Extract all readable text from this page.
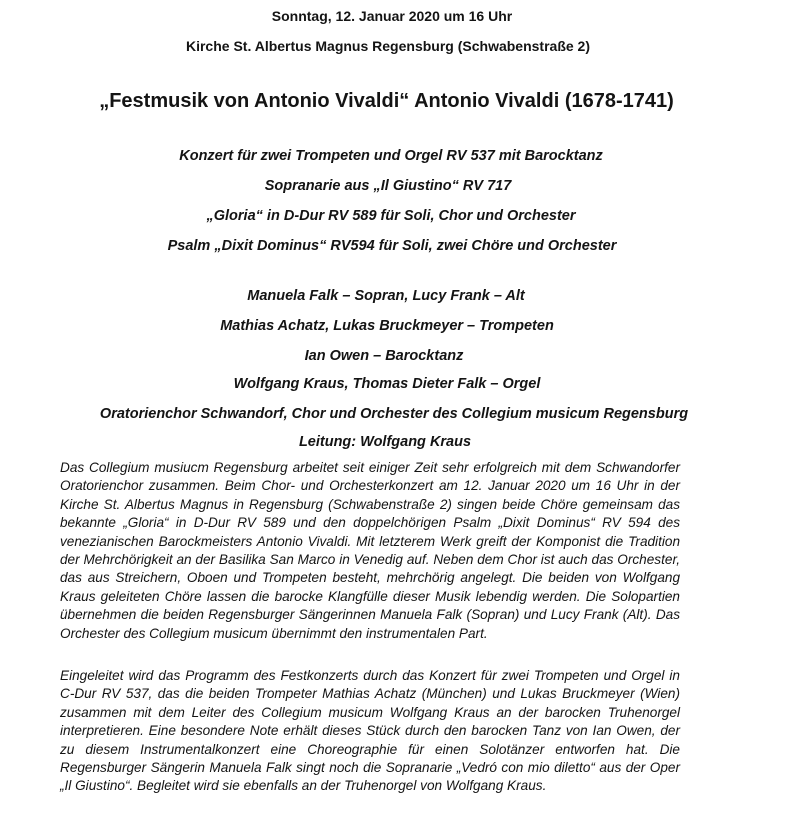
Sonntag, 12. Januar 2020 um 16 Uhr
Kirche St. Albertus Magnus Regensburg (Schwabenstraße 2)
„Festmusik von Antonio Vivaldi“ Antonio Vivaldi (1678-1741)
Konzert für zwei Trompeten und Orgel RV 537 mit Barocktanz
Sopranarie aus „Il Giustino“ RV 717
„Gloria“ in D-Dur RV 589 für Soli, Chor und Orchester
Psalm „Dixit Dominus“ RV594 für Soli, zwei Chöre und Orchester
Manuela Falk – Sopran, Lucy Frank – Alt
Mathias Achatz, Lukas Bruckmeyer – Trompeten
Ian Owen – Barocktanz
Wolfgang Kraus, Thomas Dieter Falk – Orgel
Oratorienchor Schwandorf, Chor und Orchester des Collegium musicum Regensburg
Leitung: Wolfgang Kraus

Das Collegium musiucm Regensburg arbeitet seit einiger Zeit sehr erfolgreich mit dem Schwandorfer Oratorienchor zusammen. Beim Chor- und Orchesterkonzert am 12. Januar 2020 um 16 Uhr in der Kirche St. Albertus Magnus in Regensburg (Schwabenstraße 2) singen beide Chöre gemeinsam das bekannte „Gloria“ in D-Dur RV 589 und den doppelchörigen Psalm „Dixit Dominus“ RV 594 des venezianischen Barockmeisters Antonio Vivaldi. Mit letzterem Werk greift der Komponist die Tradition der Mehrchörigkeit an der Basilika San Marco in Venedig auf. Neben dem Chor ist auch das Orchester, das aus Streichern, Oboen und Trompeten besteht, mehrchörig angelegt. Die beiden von Wolfgang Kraus geleiteten Chöre lassen die barocke Klangfülle dieser Musik lebendig werden. Die Solopartien übernehmen die beiden Regensburger Sängerinnen Manuela Falk (Sopran) und Lucy Frank (Alt). Das Orchester des Collegium musicum übernimmt den instrumentalen Part.

Eingeleitet wird das Programm des Festkonzerts durch das Konzert für zwei Trompeten und Orgel in C-Dur RV 537, das die beiden Trompeter Mathias Achatz (München) und Lukas Bruckmeyer (Wien) zusammen mit dem Leiter des Collegium musicum Wolfgang Kraus an der barocken Truhenorgel interpretieren. Eine besondere Note erhält dieses Stück durch den barocken Tanz von Ian Owen, der zu diesem Instrumentalkonzert eine Choreographie für einen Solotänzer entworfen hat. Die Regensburger Sängerin Manuela Falk singt noch die Sopranarie „Vedró con mio diletto“ aus der Oper „Il Giustino“. Begleitet wird sie ebenfalls an der Truhenorgel von Wolfgang Kraus.
